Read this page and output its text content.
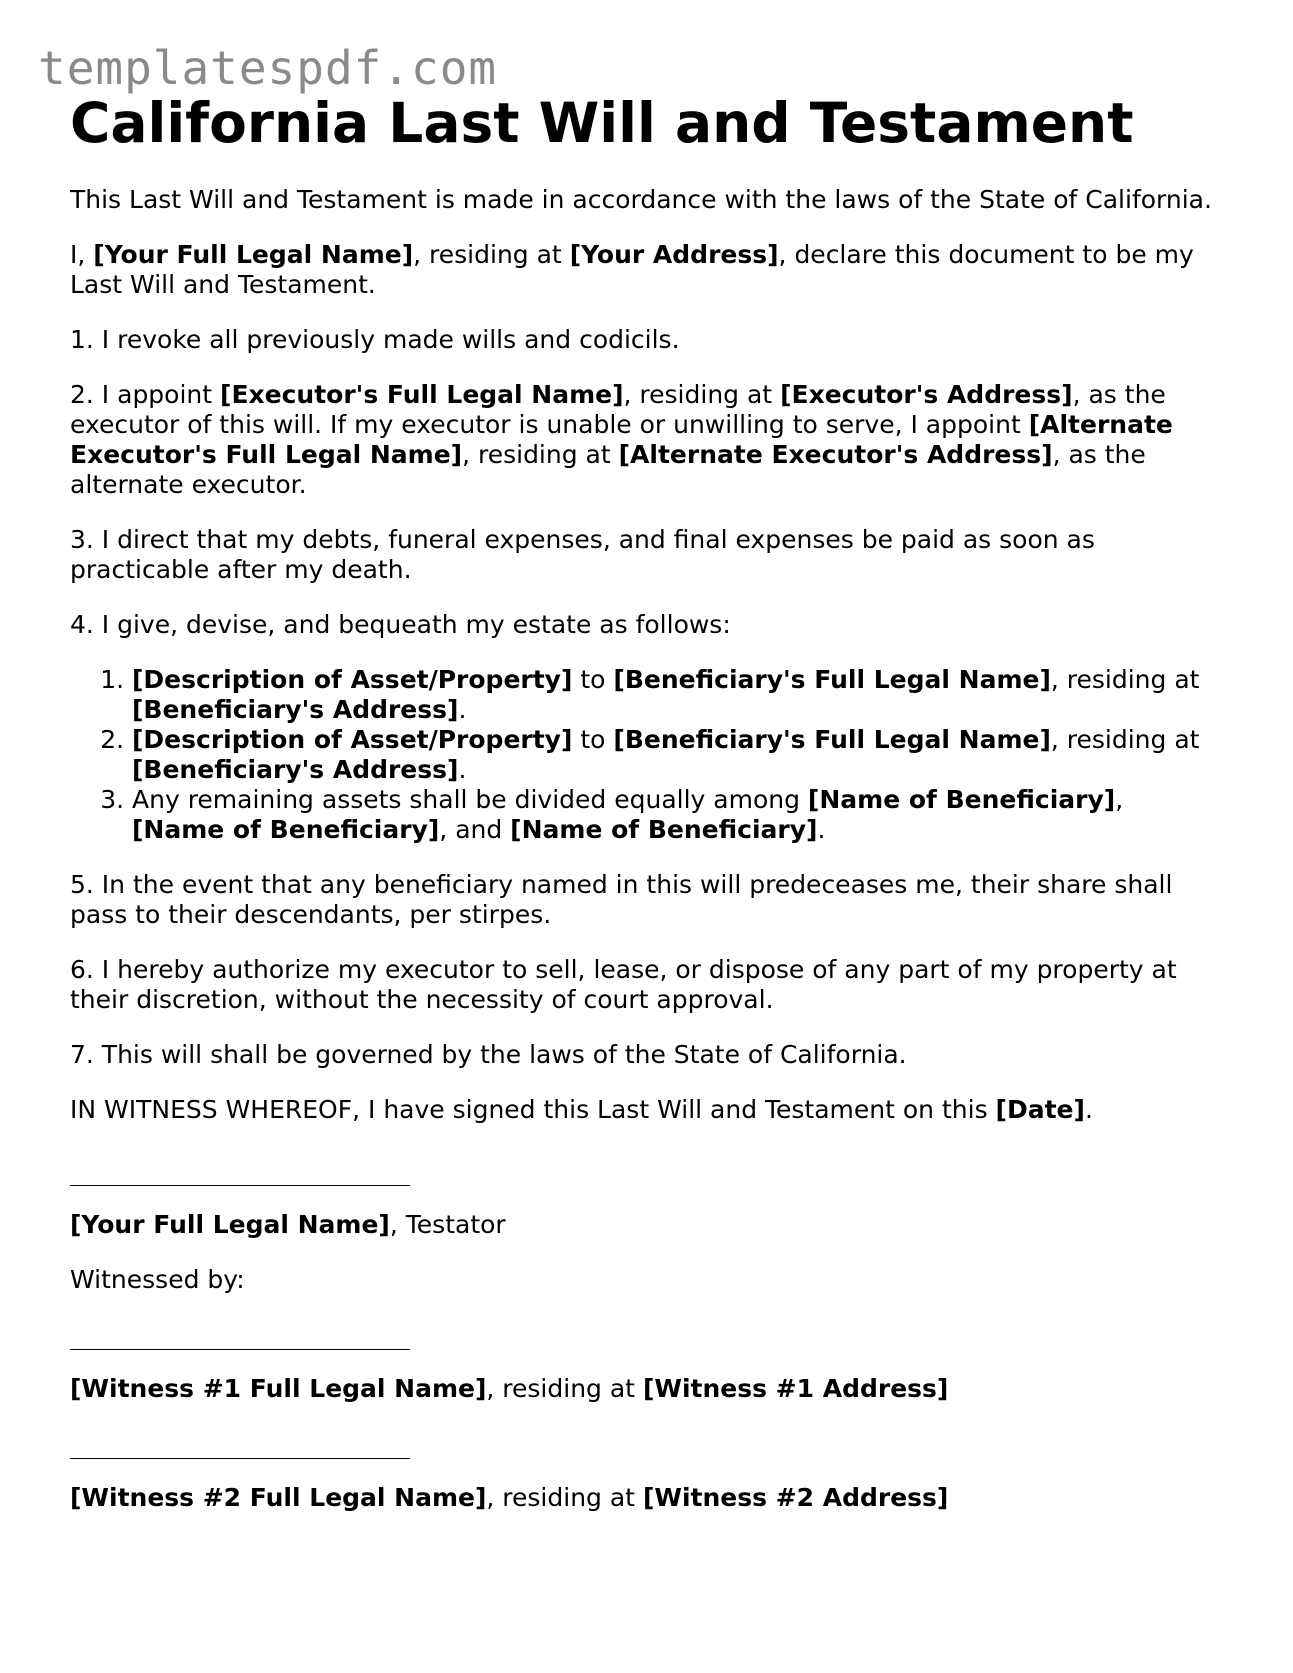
templatespdf.com
California Last Will and Testament

This Last Will and Testament is made in accordance with the laws of the State of California.

I, [Your Full Legal Name], residing at [Your Address], declare this document to be my Last Will and Testament.

1. I revoke all previously made wills and codicils.

2. I appoint [Executor's Full Legal Name], residing at [Executor's Address], as the executor of this will. If my executor is unable or unwilling to serve, I appoint [Alternate Executor's Full Legal Name], residing at [Alternate Executor's Address], as the alternate executor.

3. I direct that my debts, funeral expenses, and final expenses be paid as soon as practicable after my death.

4. I give, devise, and bequeath my estate as follows:

1. [Description of Asset/Property] to [Beneficiary's Full Legal Name], residing at [Beneficiary's Address].
2. [Description of Asset/Property] to [Beneficiary's Full Legal Name], residing at [Beneficiary's Address].
3. Any remaining assets shall be divided equally among [Name of Beneficiary], [Name of Beneficiary], and [Name of Beneficiary].

5. In the event that any beneficiary named in this will predeceases me, their share shall pass to their descendants, per stirpes.

6. I hereby authorize my executor to sell, lease, or dispose of any part of my property at their discretion, without the necessity of court approval.

7. This will shall be governed by the laws of the State of California.

IN WITNESS WHEREOF, I have signed this Last Will and Testament on this [Date].

[Your Full Legal Name], Testator

Witnessed by:

[Witness #1 Full Legal Name], residing at [Witness #1 Address]

[Witness #2 Full Legal Name], residing at [Witness #2 Address]
